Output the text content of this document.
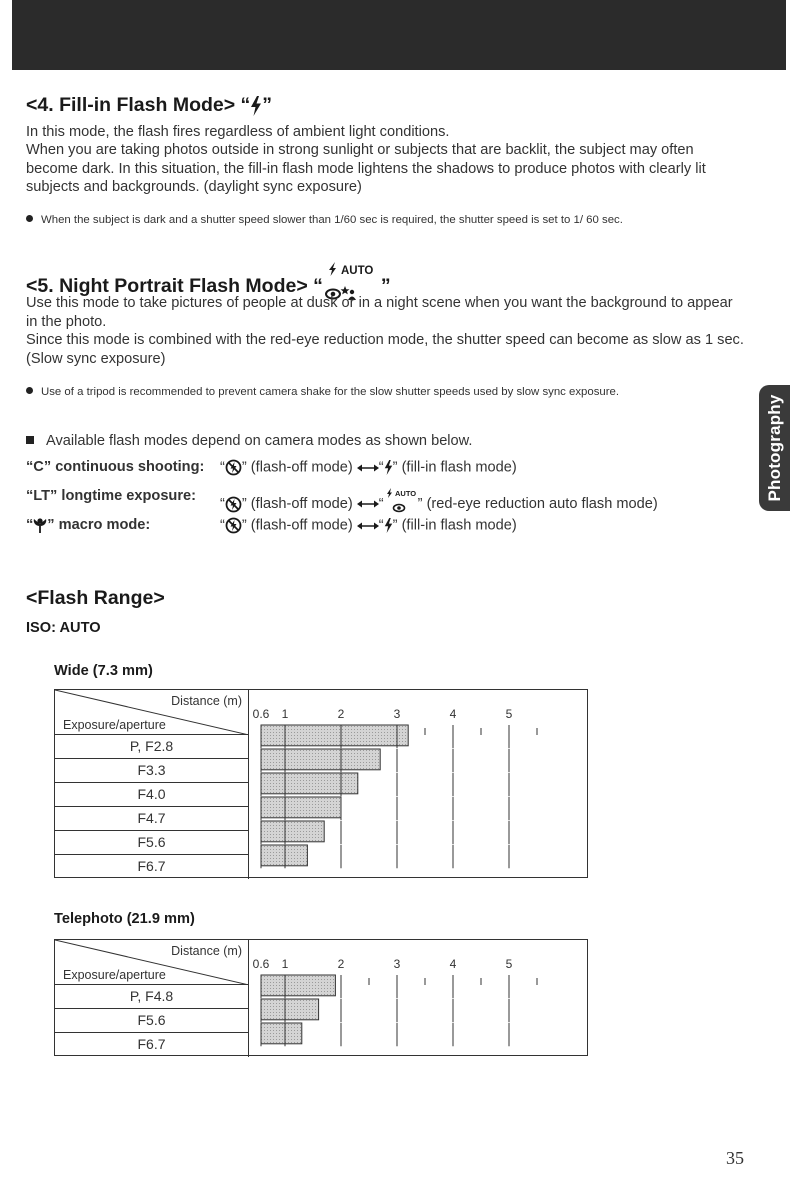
<4. Fill-in Flash Mode> “ ”
In this mode, the flash fires regardless of ambient light conditions.
When you are taking photos outside in strong sunlight or subjects that are backlit, the subject may often become dark. In this situation, the fill-in flash mode lightens the shadows to produce photos with clearly lit subjects and backgrounds. (daylight sync exposure)
When the subject is dark and a shutter speed slower than 1/60 sec is required, the shutter speed is set to 1/ 60 sec.
<5. Night Portrait Flash Mode> “
AUTO
”
Use this mode to take pictures of people at dusk or in a night scene when you want the background to appear in the photo.
Since this mode is combined with the red-eye reduction mode, the shutter speed can become as slow as 1 sec. (Slow sync exposure)
Use of a tripod is recommended to prevent camera shake for the slow shutter speeds used by slow sync exposure.
Photography
Available flash modes depend on camera modes as shown below.
“C” continuous shooting: “ ” (flash-off mode) “ ” (fill-in flash mode)
“LT” longtime exposure: “ ” (flash-off mode) “
AUTO
” (red-eye reduction auto flash mode)
“ ” macro mode:	“ ” (flash-off mode) “ ” (fill-in flash mode)
<Flash Range>
ISO: AUTO
Wide (7.3 mm)
Distance (m)
Exposure/aperture
P, F2.8
F3.3
F4.0
F4.7
F5.6
F6.7
0.6 1	2	3	4	5
Telephoto (21.9 mm)
Distance (m)
Exposure/aperture
P, F4.8
F5.6
F6.7
0.6 1	2	3	4	5
35
